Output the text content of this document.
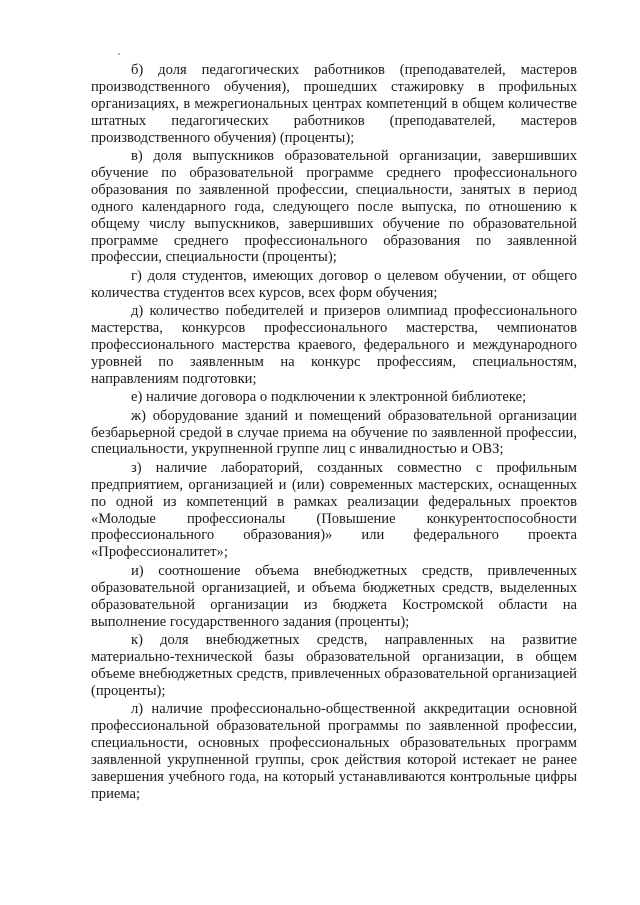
б) доля педагогических работников (преподавателей, мастеров производственного обучения), прошедших стажировку в профильных организациях, в межрегиональных центрах компетенций в общем количестве штатных педагогических работников (преподавателей, мастеров производственного обучения) (проценты);

в) доля выпускников образовательной организации, завершивших обучение по образовательной программе среднего профессионального образования по заявленной профессии, специальности, занятых в период одного календарного года, следующего после выпуска, по отношению к общему числу выпускников, завершивших обучение по образовательной программе среднего профессионального образования по заявленной профессии, специальности (проценты);

г) доля студентов, имеющих договор о целевом обучении, от общего количества студентов всех курсов, всех форм обучения;

д) количество победителей и призеров олимпиад профессионального мастерства, конкурсов профессионального мастерства, чемпионатов профессионального мастерства краевого, федерального и международного уровней по заявленным на конкурс профессиям, специальностям, направлениям подготовки;

е) наличие договора о подключении к электронной библиотеке;

ж) оборудование зданий и помещений образовательной организации безбарьерной средой в случае приема на обучение по заявленной профессии, специальности, укрупненной группе лиц с инвалидностью и ОВЗ;

з) наличие лабораторий, созданных совместно с профильным предприятием, организацией и (или) современных мастерских, оснащенных по одной из компетенций в рамках реализации федеральных проектов «Молодые профессионалы (Повышение конкурентоспособности профессионального образования)» или федерального проекта «Профессионалитет»;

и) соотношение объема внебюджетных средств, привлеченных образовательной организацией, и объема бюджетных средств, выделенных образовательной организации из бюджета Костромской области на выполнение государственного задания (проценты);

к) доля внебюджетных средств, направленных на развитие материально-технической базы образовательной организации, в общем объеме внебюджетных средств, привлеченных образовательной организацией (проценты);

л) наличие профессионально-общественной аккредитации основной профессиональной образовательной программы по заявленной профессии, специальности, основных профессиональных образовательных программ заявленной укрупненной группы, срок действия которой истекает не ранее завершения учебного года, на который устанавливаются контрольные цифры приема;
